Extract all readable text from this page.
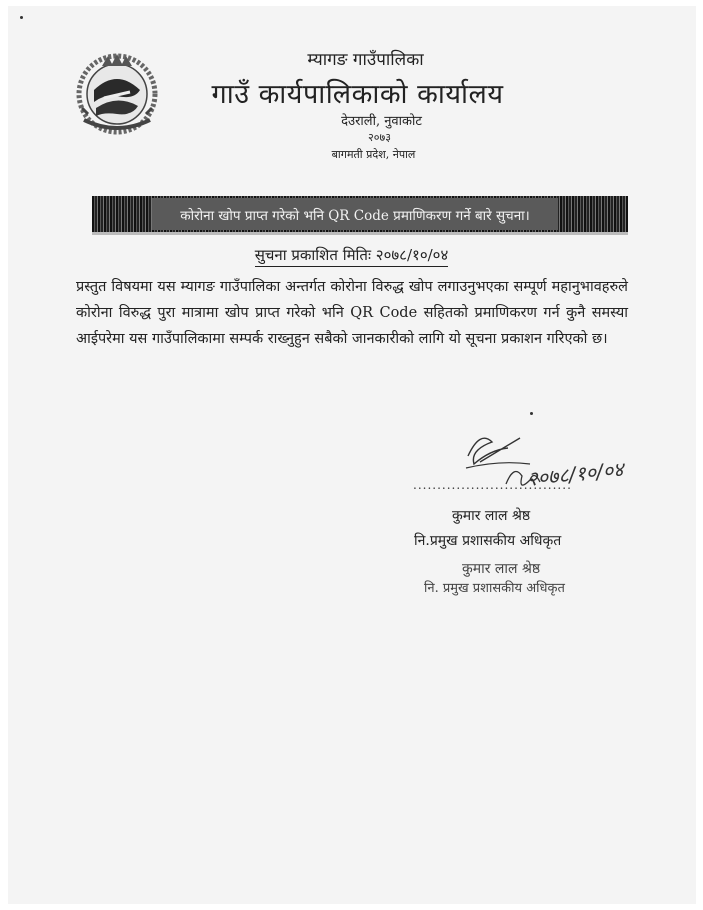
म्यागङ गाउँपालिका
गाउँ कार्यपालिकाको कार्यालय
देउराली, नुवाकोट
२०७३
बागमती प्रदेश, नेपाल
कोरोना खोप प्राप्त गरेको भनि QR Code प्रमाणिकरण गर्ने बारे सुचना।
सुचना प्रकाशित मितिः २०७८/१०/०४
प्रस्तुत विषयमा यस म्यागङ गाउँपालिका अन्तर्गत कोरोना विरुद्ध खोप लगाउनुभएका सम्पूर्ण महानुभावहरुले कोरोना विरुद्ध पुरा मात्रामा खोप प्राप्त गरेको भनि QR Code सहितको प्रमाणिकरण गर्न कुनै समस्या आईपरेमा यस गाउँपालिकामा सम्पर्क राख्नुहुन सबैको जानकारीको लागि यो सूचना प्रकाशन गरिएको छ।
२०७८/१०/०४
.................................
कुमार लाल श्रेष्ठ
नि.प्रमुख प्रशासकीय अधिकृत
कुमार लाल श्रेष्ठ
नि. प्रमुख प्रशासकीय अधिकृत
